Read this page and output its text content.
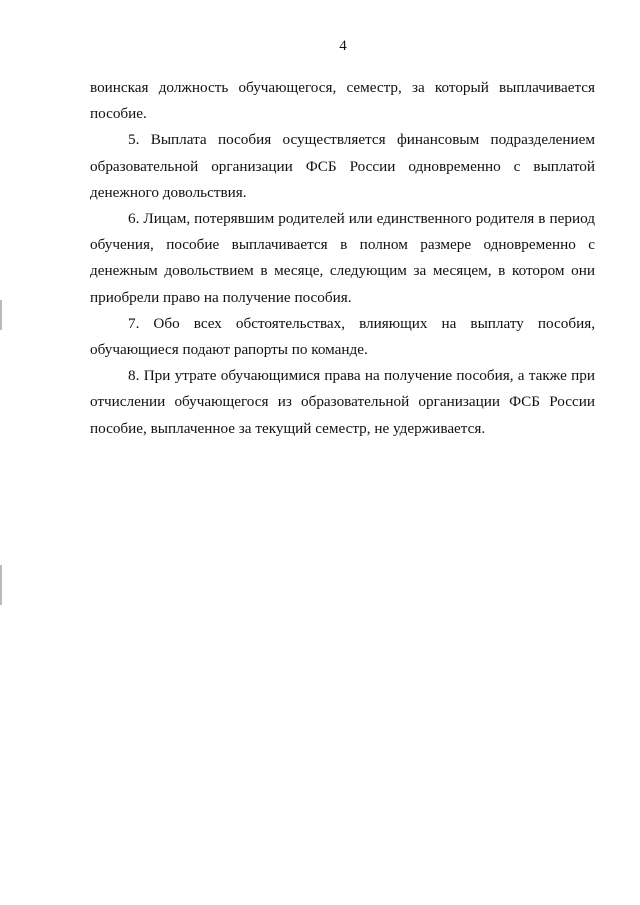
4

воинская должность обучающегося, семестр, за который выплачивается пособие.

5. Выплата пособия осуществляется финансовым подразделением образовательной организации ФСБ России одновременно с выплатой денежного довольствия.

6. Лицам, потерявшим родителей или единственного родителя в период обучения, пособие выплачивается в полном размере одновременно с денежным довольствием в месяце, следующим за месяцем, в котором они приобрели право на получение пособия.

7. Обо всех обстоятельствах, влияющих на выплату пособия, обучающиеся подают рапорты по команде.

8. При утрате обучающимися права на получение пособия, а также при отчислении обучающегося из образовательной организации ФСБ России пособие, выплаченное за текущий семестр, не удерживается.
